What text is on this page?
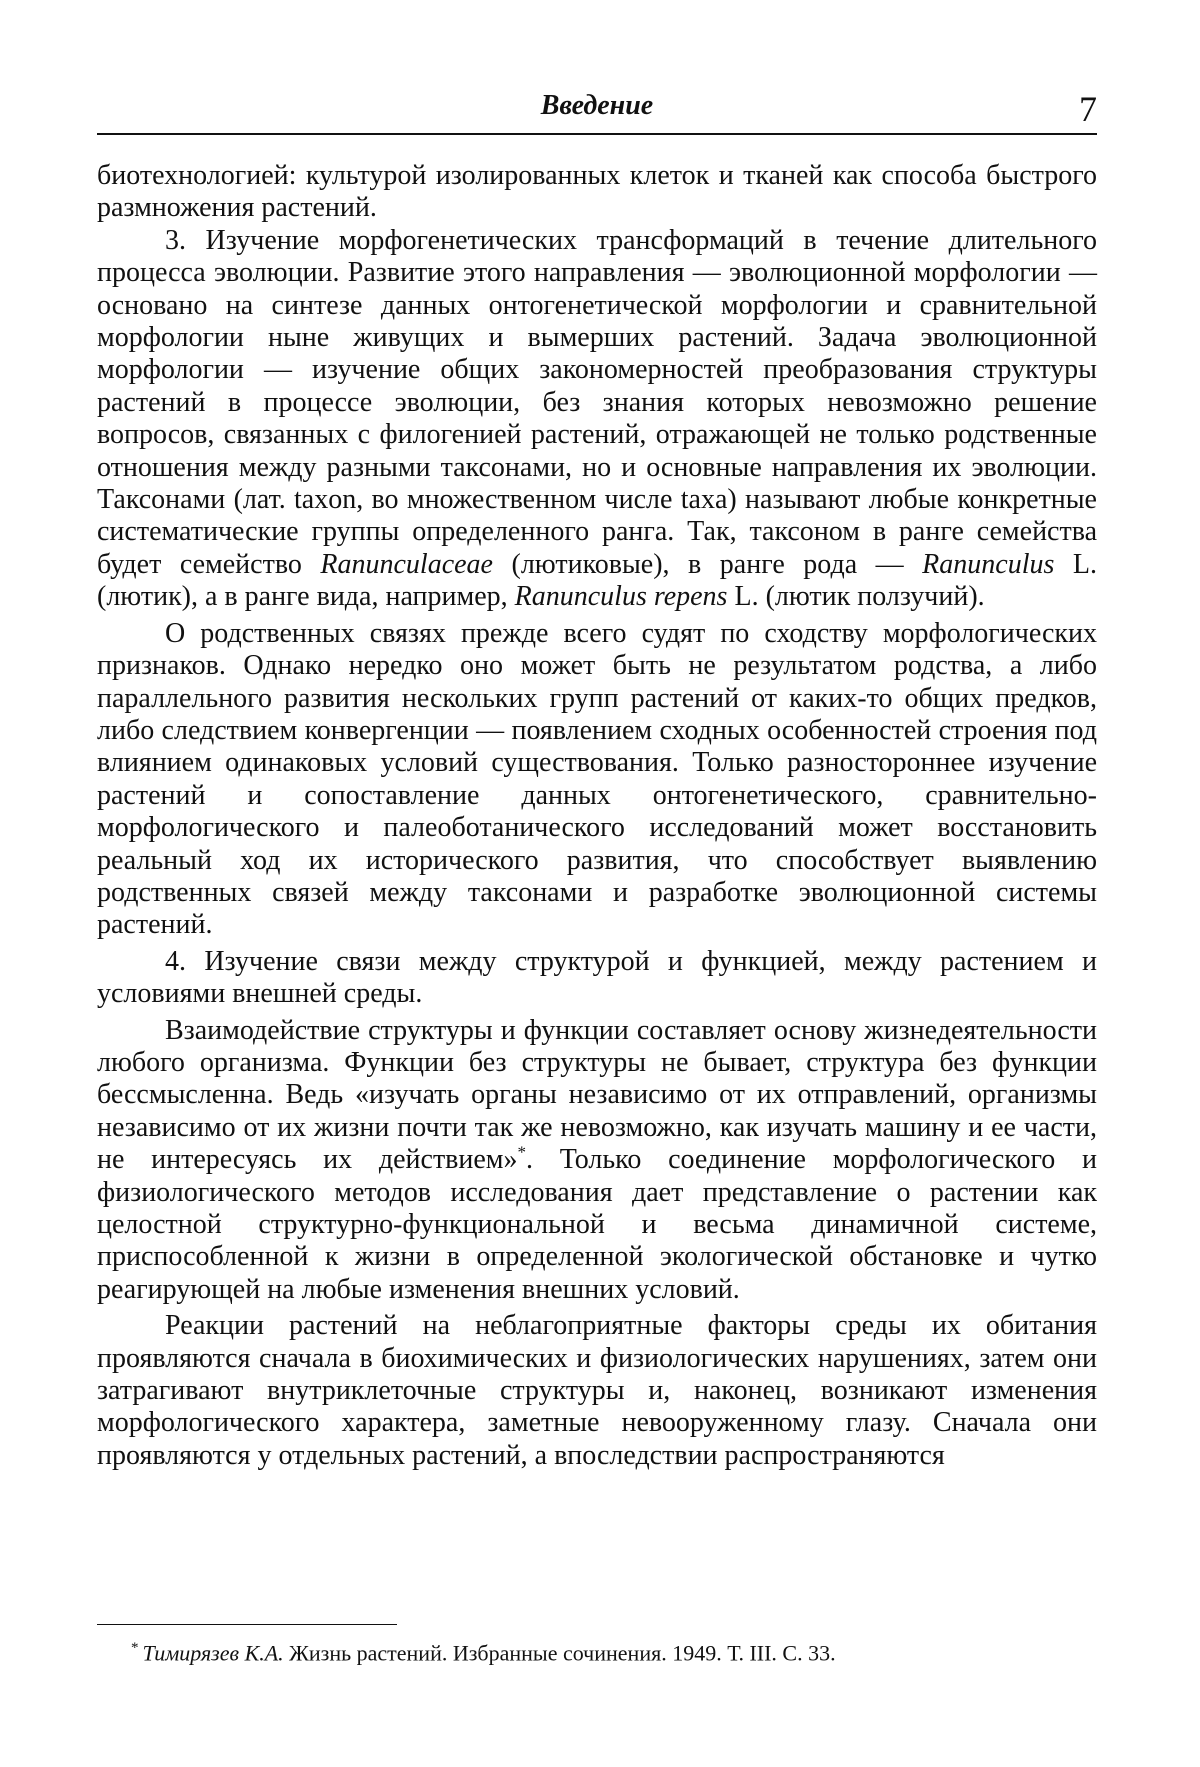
Введение	7

биотехнологией: культурой изолированных клеток и тканей как способа быстрого размножения растений.

3. Изучение морфогенетических трансформаций в течение длительного процесса эволюции. Развитие этого направления — эволюционной морфологии — основано на синтезе данных онтогенетической морфологии и сравнительной морфологии ныне живущих и вымерших растений. Задача эволюционной морфологии — изучение общих закономерностей преобразования структуры растений в процессе эволюции, без знания которых невозможно решение вопросов, связанных с филогенией растений, отражающей не только родственные отношения между разными таксонами, но и основные направления их эволюции. Таксонами (лат. taxon, во множественном числе taxa) называют любые конкретные систематические группы определенного ранга. Так, таксоном в ранге семейства будет семейство Ranunculaceae (лютиковые), в ранге рода — Ranunculus L. (лютик), а в ранге вида, например, Ranunculus repens L. (лютик ползучий).

О родственных связях прежде всего судят по сходству морфологических признаков. Однако нередко оно может быть не результатом родства, а либо параллельного развития нескольких групп растений от каких-то общих предков, либо следствием конвергенции — появлением сходных особенностей строения под влиянием одинаковых условий существования. Только разностороннее изучение растений и сопоставление данных онтогенетического, сравнительно-морфологического и палеоботанического исследований может восстановить реальный ход их исторического развития, что способствует выявлению родственных связей между таксонами и разработке эволюционной системы растений.

4. Изучение связи между структурой и функцией, между растением и условиями внешней среды.

Взаимодействие структуры и функции составляет основу жизнедеятельности любого организма. Функции без структуры не бывает, структура без функции бессмысленна. Ведь «изучать органы независимо от их отправлений, организмы независимо от их жизни почти так же невозможно, как изучать машину и ее части, не интересуясь их действием»*. Только соединение морфологического и физиологического методов исследования дает представление о растении как целостной структурно-функциональной и весьма динамичной системе, приспособленной к жизни в определенной экологической обстановке и чутко реагирующей на любые изменения внешних условий.

Реакции растений на неблагоприятные факторы среды их обитания проявляются сначала в биохимических и физиологических нарушениях, затем они затрагивают внутриклеточные структуры и, наконец, возникают изменения морфологического характера, заметные невооруженному глазу. Сначала они проявляются у отдельных растений, а впоследствии распространяются

* Тимирязев К.А. Жизнь растений. Избранные сочинения. 1949. Т. III. С. 33.
